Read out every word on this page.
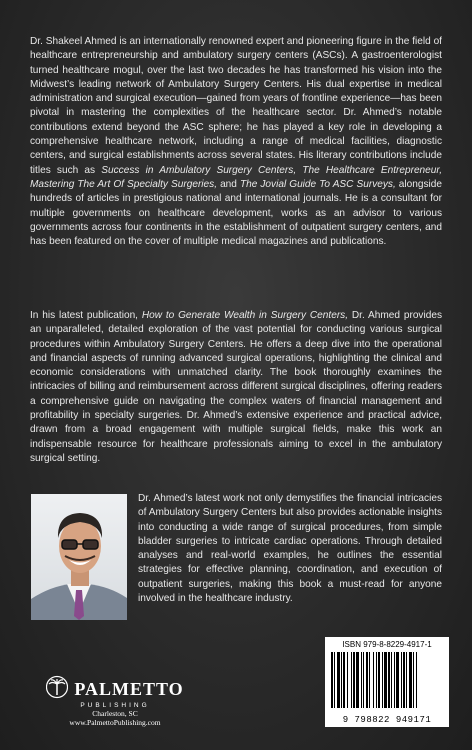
Dr. Shakeel Ahmed is an internationally renowned expert and pioneering figure in the field of healthcare entrepreneurship and ambulatory surgery centers (ASCs). A gastroenterologist turned healthcare mogul, over the last two decades he has transformed his vision into the Midwest’s leading network of Ambulatory Surgery Centers. His dual expertise in medical administration and surgical execution—gained from years of frontline experience—has been pivotal in mastering the complexities of the healthcare sector. Dr. Ahmed’s notable contributions extend beyond the ASC sphere; he has played a key role in developing a comprehensive healthcare network, including a range of medical facilities, diagnostic centers, and surgical establishments across several states. His literary contributions include titles such as Success in Ambulatory Surgery Centers, The Healthcare Entrepreneur, Mastering The Art Of Specialty Surgeries, and The Jovial Guide To ASC Surveys, alongside hundreds of articles in prestigious national and international journals. He is a consultant for multiple governments on healthcare development, works as an advisor to various governments across four continents in the establishment of outpatient surgery centers, and has been featured on the cover of multiple medical magazines and publications.

In his latest publication, How to Generate Wealth in Surgery Centers, Dr. Ahmed provides an unparalleled, detailed exploration of the vast potential for conducting various surgical procedures within Ambulatory Surgery Centers. He offers a deep dive into the operational and financial aspects of running advanced surgical operations, highlighting the clinical and economic considerations with unmatched clarity. The book thoroughly examines the intricacies of billing and reimbursement across different surgical disciplines, offering readers a comprehensive guide on navigating the complex waters of financial management and profitability in specialty surgeries. Dr. Ahmed’s extensive experience and practical advice, drawn from a broad engagement with multiple surgical fields, make this work an indispensable resource for healthcare professionals aiming to excel in the ambulatory surgical setting.

Dr. Ahmed’s latest work not only demystifies the financial intricacies of Ambulatory Surgery Centers but also provides actionable insights into conducting a wide range of surgical procedures, from simple bladder surgeries to intricate cardiac operations. Through detailed analyses and real-world examples, he outlines the essential strategies for effective planning, coordination, and execution of outpatient surgeries, making this book a must-read for anyone involved in the healthcare industry.

PALMETTO
PUBLISHING
Charleston, SC
www.PalmettoPublishing.com
ISBN 979-8-8229-4917-1
9 798822 949171
